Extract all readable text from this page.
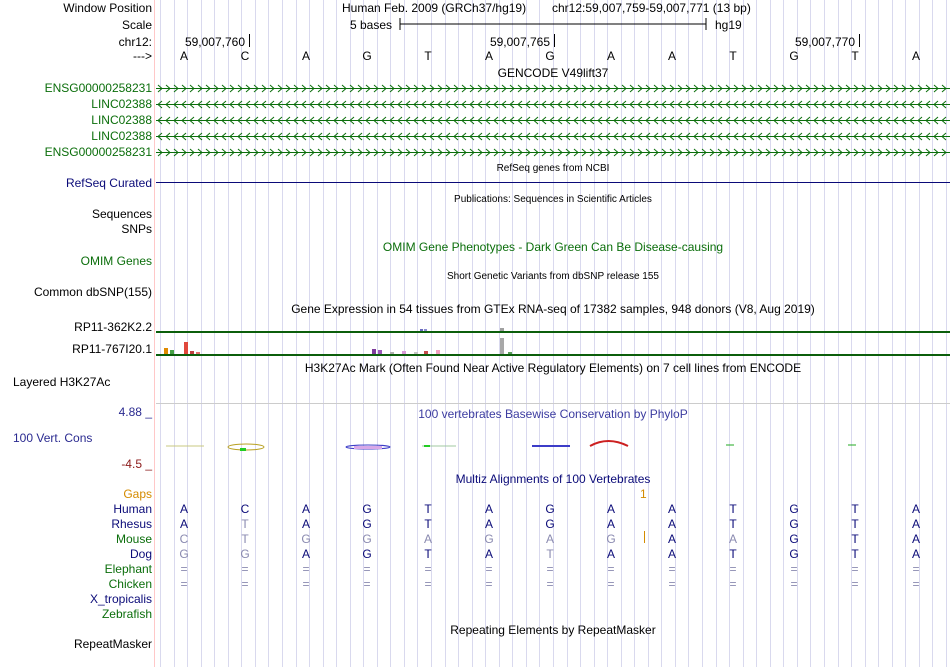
Window Position	Human Feb. 2009 (GRCh37/hg19) chr12:59,007,759-59,007,771 (13 bp)
Scale	5 bases	hg19
chr12:	59,007,760	59,007,765	59,007,770
--->	A	C	A	G	T	A	G	A	A	T	G	T	A
GENCODE V49lift37
ENSG00000258231
LINC02388
LINC02388
LINC02388
ENSG00000258231
RefSeq genes from NCBI
RefSeq Curated
Publications: Sequences in Scientific Articles
Sequences
SNPs
OMIM Gene Phenotypes - Dark Green Can Be Disease-causing
OMIM Genes
Short Genetic Variants from dbSNP release 155
Common dbSNP(155)
Gene Expression in 54 tissues from GTEx RNA-seq of 17382 samples, 948 donors (V8, Aug 2019)
RP11-362K2.2
RP11-767I20.1
H3K27Ac Mark (Often Found Near Active Regulatory Elements) on 7 cell lines from ENCODE
Layered H3K27Ac
100 vertebrates Basewise Conservation by PhyloP
4.88 _
100 Vert. Cons
-4.5 _
Multiz Alignments of 100 Vertebrates
Gaps	1
Human	A	C	A	G	T	A	G	A	A	T	G	T	A
Rhesus	A	T	A	G	T	A	G	A	A	T	G	T	A
Mouse	C	T	G	G	A	G	A	G	A	A	G	T	A
Dog	G	G	A	G	T	A	T	A	A	T	G	T	A
Elephant	=	=	=	=	=	=	=	=	=	=	=	=	=
Chicken	=	=	=	=	=	=	=	=	=	=	=	=	=
X_tropicalis
Zebrafish
Repeating Elements by RepeatMasker
RepeatMasker
